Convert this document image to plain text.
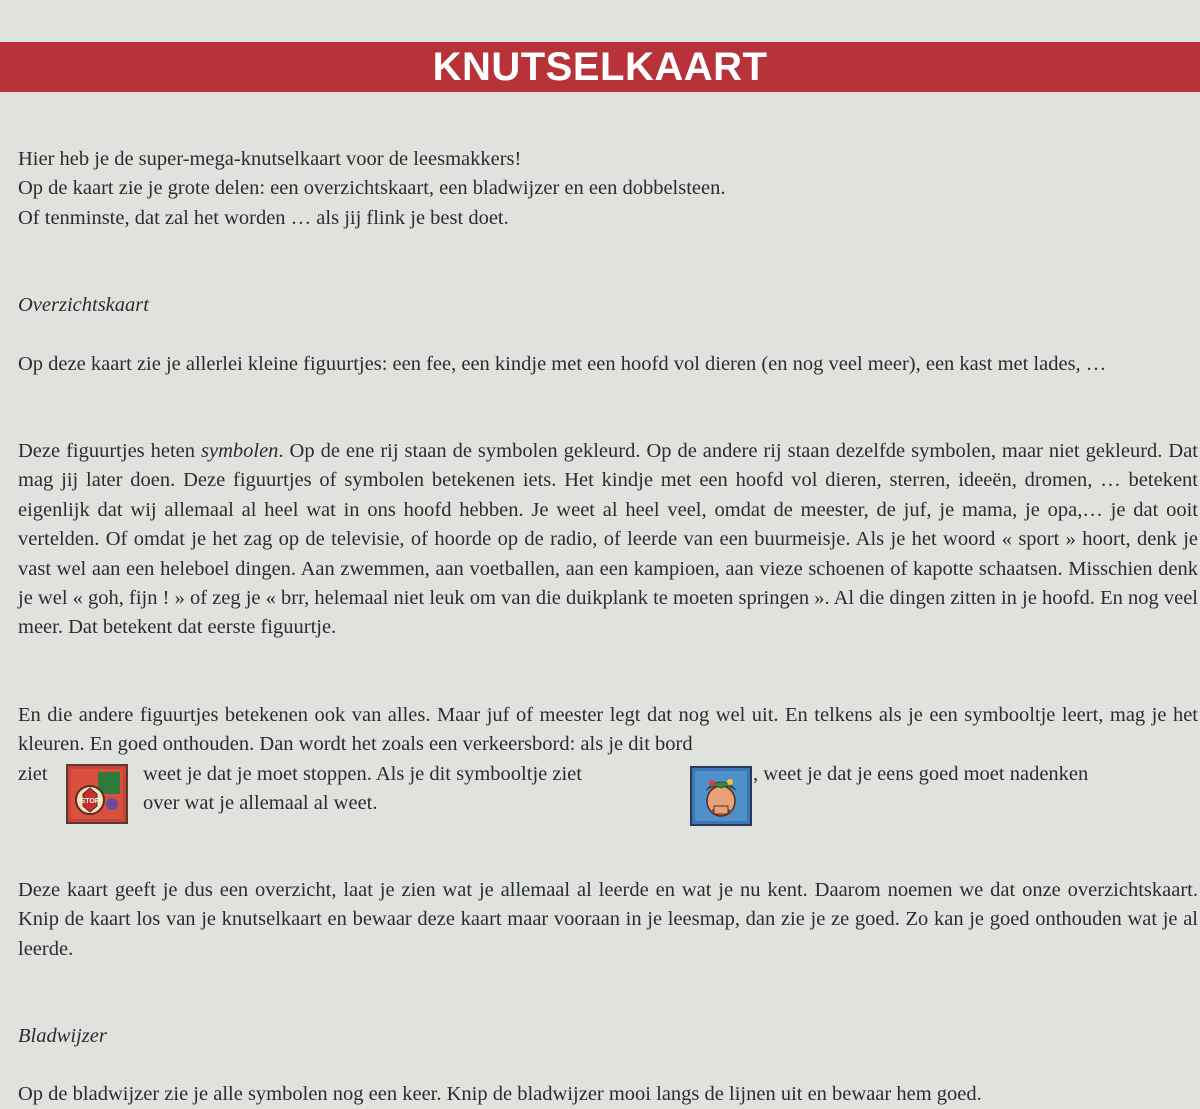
KNUTSELKAART
Hier heb je de super-mega-knutselkaart voor de leesmakkers!
Op de kaart zie je grote delen: een overzichtskaart, een bladwijzer en een dobbelsteen.
Of tenminste, dat zal het worden … als jij flink je best doet.
Overzichtskaart

Op deze kaart zie je allerlei kleine figuurtjes: een fee, een kindje met een hoofd vol dieren (en nog veel meer), een kast met lades, …

Deze figuurtjes heten symbolen. Op de ene rij staan de symbolen gekleurd. Op de andere rij staan dezelfde symbolen, maar niet gekleurd. Dat mag jij later doen. Deze figuurtjes of symbolen betekenen iets. Het kindje met een hoofd vol dieren, sterren, ideeën, dromen, … betekent eigenlijk dat wij allemaal al heel wat in ons hoofd hebben. Je weet al heel veel, omdat de meester, de juf, je mama, je opa,… je dat ooit vertelden. Of omdat je het zag op de televisie, of hoorde op de radio, of leerde van een buurmeisje. Als je het woord « sport » hoort, denk je vast wel aan een heleboel dingen. Aan zwemmen, aan voetballen, aan een kampioen, aan vieze schoenen of kapotte schaatsen. Misschien denk je wel « goh, fijn ! » of zeg je « brr, helemaal niet leuk om van die duikplank te moeten springen ». Al die dingen zitten in je hoofd. En nog veel meer. Dat betekent dat eerste figuurtje.

En die andere figuurtjes betekenen ook van alles. Maar juf of meester legt dat nog wel uit. En telkens als je een symbooltje leert, mag je het kleuren. En goed onthouden. Dan wordt het zoals een verkeersbord: als je dit bord

ziet
STOP
weet je dat je moet stoppen. Als je dit symbooltje ziet	, weet je dat je eens goed moet nadenken
over wat je allemaal al weet.

Deze kaart geeft je dus een overzicht, laat je zien wat je allemaal al leerde en wat je nu kent. Daarom noemen we dat onze overzichtskaart. Knip de kaart los van je knutselkaart en bewaar deze kaart maar vooraan in je leesmap, dan zie je ze goed. Zo kan je goed onthouden wat je al leerde.

Bladwijzer
Op de bladwijzer zie je alle symbolen nog een keer. Knip de bladwijzer mooi langs de lijnen uit en bewaar hem goed.
